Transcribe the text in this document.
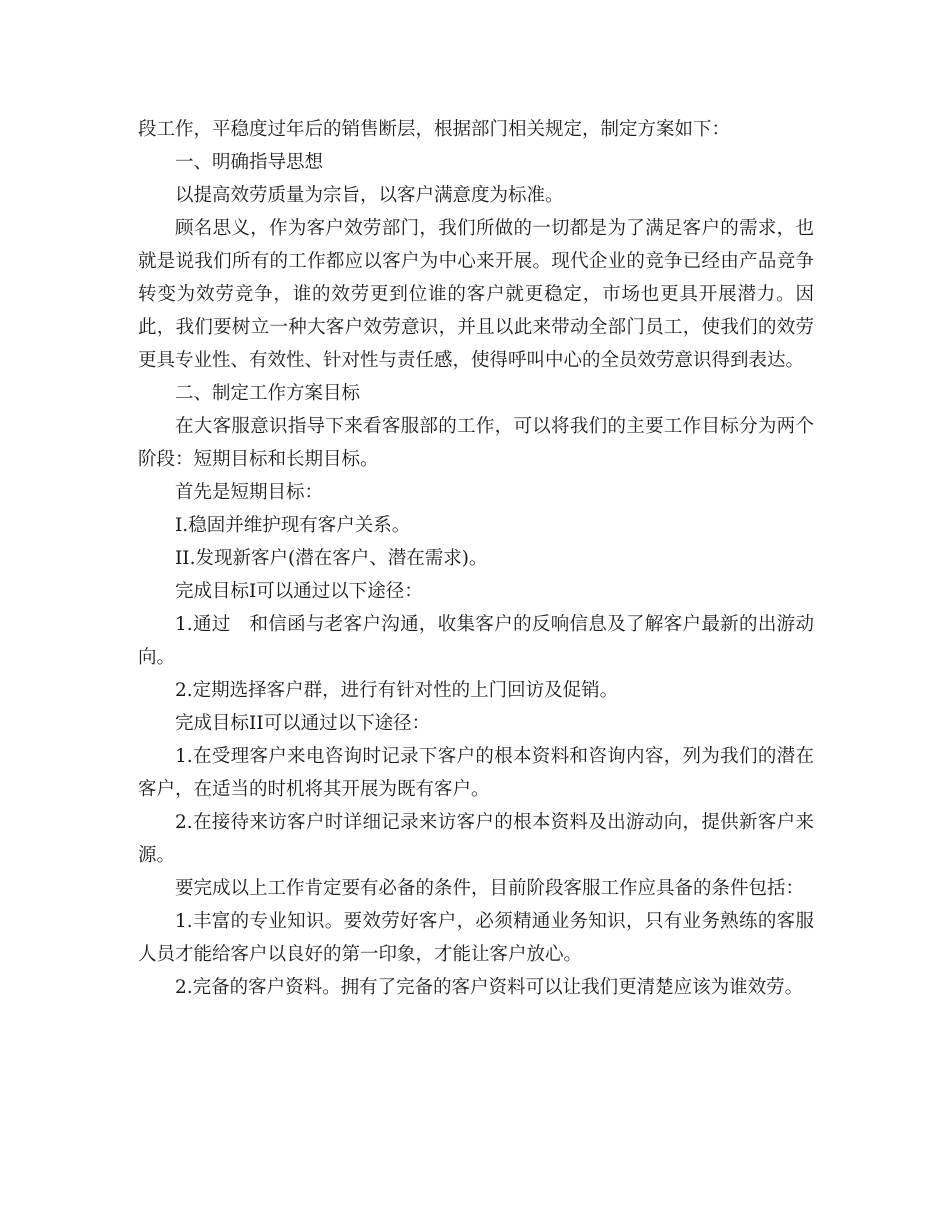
段工作，平稳度过年后的销售断层，根据部门相关规定，制定方案如下：

一、明确指导思想

以提高效劳质量为宗旨，以客户满意度为标准。

顾名思义，作为客户效劳部门，我们所做的一切都是为了满足客户的需求，也就是说我们所有的工作都应以客户为中心来开展。现代企业的竞争已经由产品竞争转变为效劳竞争，谁的效劳更到位谁的客户就更稳定，市场也更具开展潜力。因此，我们要树立一种大客户效劳意识，并且以此来带动全部门员工，使我们的效劳更具专业性、有效性、针对性与责任感，使得呼叫中心的全员效劳意识得到表达。

二、制定工作方案目标

在大客服意识指导下来看客服部的工作，可以将我们的主要工作目标分为两个阶段：短期目标和长期目标。

首先是短期目标：

I.稳固并维护现有客户关系。

II.发现新客户(潜在客户、潜在需求)。

完成目标I可以通过以下途径：

1.通过　和信函与老客户沟通，收集客户的反响信息及了解客户最新的出游动向。

2.定期选择客户群，进行有针对性的上门回访及促销。

完成目标II可以通过以下途径：

1.在受理客户来电咨询时记录下客户的根本资料和咨询内容，列为我们的潜在客户，在适当的时机将其开展为既有客户。

2.在接待来访客户时详细记录来访客户的根本资料及出游动向，提供新客户来源。

要完成以上工作肯定要有必备的条件，目前阶段客服工作应具备的条件包括：

1.丰富的专业知识。要效劳好客户，必须精通业务知识，只有业务熟练的客服人员才能给客户以良好的第一印象，才能让客户放心。

2.完备的客户资料。拥有了完备的客户资料可以让我们更清楚应该为谁效劳。
